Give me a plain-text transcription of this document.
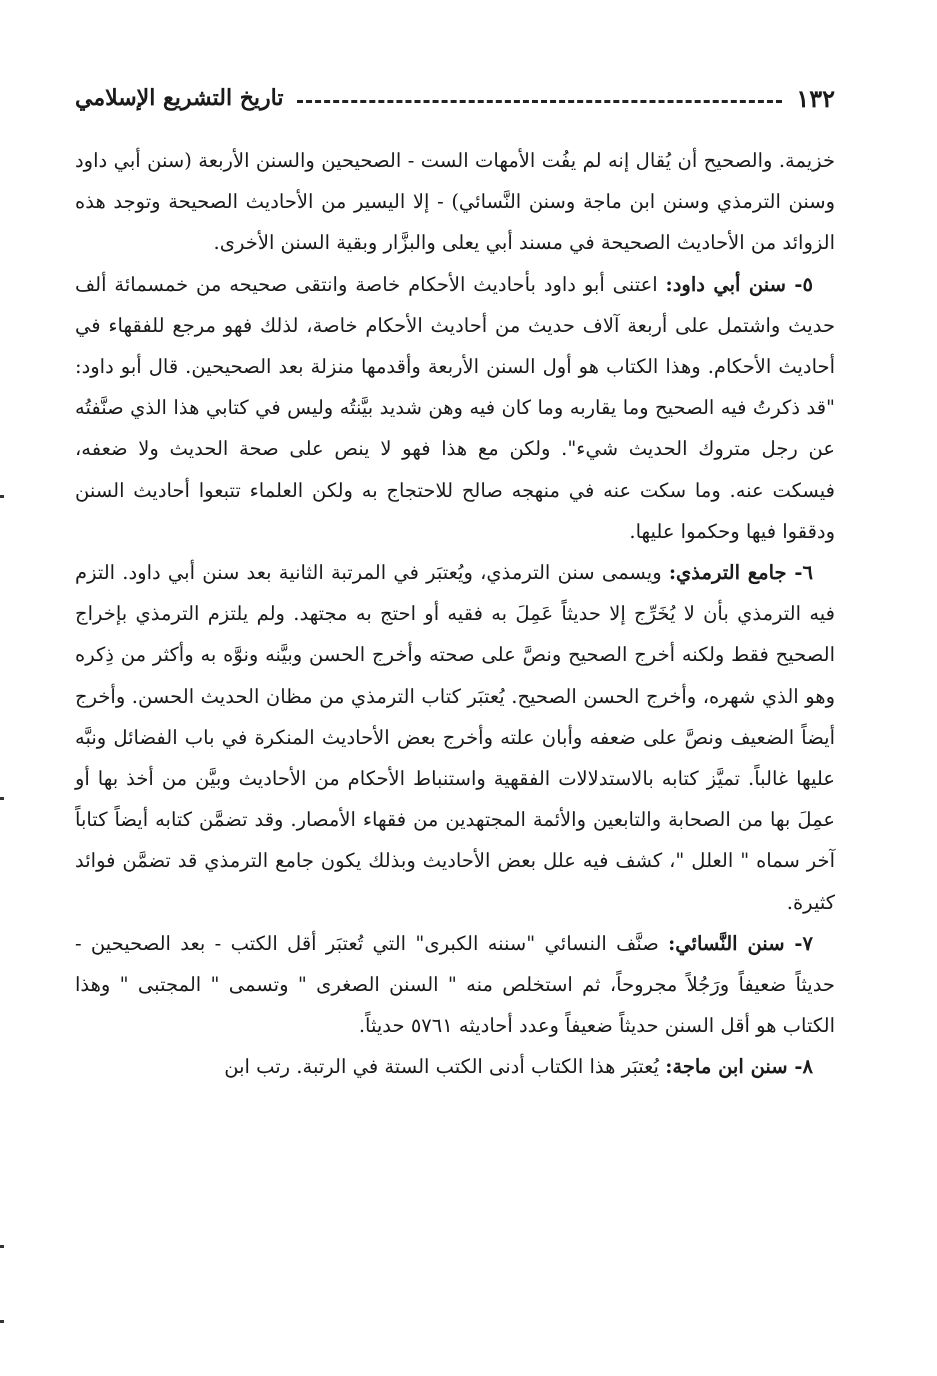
١٣٢
تاريخ التشريع الإسلامي

خزيمة. والصحيح أن يُقال إنه لم يفُت الأمهات الست - الصحيحين والسنن الأربعة (سنن أبي داود وسنن الترمذي وسنن ابن ماجة وسنن النَّسائي) - إلا اليسير من الأحاديث الصحيحة وتوجد هذه الزوائد من الأحاديث الصحيحة في مسند أبي يعلى والبزَّار وبقية السنن الأخرى.

٥- سنن أبي داود: اعتنى أبو داود بأحاديث الأحكام خاصة وانتقى صحيحه من خمسمائة ألف حديث واشتمل على أربعة آلاف حديث من أحاديث الأحكام خاصة، لذلك فهو مرجع للفقهاء في أحاديث الأحكام. وهذا الكتاب هو أول السنن الأربعة وأقدمها منزلة بعد الصحيحين. قال أبو داود: "قد ذكرتُ فيه الصحيح وما يقاربه وما كان فيه وهن شديد بيَّنتُه وليس في كتابي هذا الذي صنَّفتُه عن رجل متروك الحديث شيء". ولكن مع هذا فهو لا ينص على صحة الحديث ولا ضعفه، فيسكت عنه. وما سكت عنه في منهجه صالح للاحتجاج به ولكن العلماء تتبعوا أحاديث السنن ودققوا فيها وحكموا عليها.

٦- جامع الترمذي: ويسمى سنن الترمذي، ويُعتبَر في المرتبة الثانية بعد سنن أبي داود. التزم فيه الترمذي بأن لا يُخَرِّج إلا حديثاً عَمِلَ به فقيه أو احتج به مجتهد. ولم يلتزم الترمذي بإخراج الصحيح فقط ولكنه أخرج الصحيح ونصَّ على صحته وأخرج الحسن وبيَّنه ونوَّه به وأكثر من ذِكره وهو الذي شهره، وأخرج الحسن الصحيح. يُعتبَر كتاب الترمذي من مظان الحديث الحسن. وأخرج أيضاً الضعيف ونصَّ على ضعفه وأبان علته وأخرج بعض الأحاديث المنكرة في باب الفضائل ونبَّه عليها غالباً. تميَّز كتابه بالاستدلالات الفقهية واستنباط الأحكام من الأحاديث وبيَّن من أخذ بها أو عمِلَ بها من الصحابة والتابعين والأئمة المجتهدين من فقهاء الأمصار. وقد تضمَّن كتابه أيضاً كتاباً آخر سماه " العلل "، كشف فيه علل بعض الأحاديث وبذلك يكون جامع الترمذي قد تضمَّن فوائد كثيرة.

٧- سنن النَّسائي: صنَّف النسائي "سننه الكبرى" التي تُعتبَر أقل الكتب - بعد الصحيحين - حديثاً ضعيفاً ورَجُلاً مجروحاً، ثم استخلص منه " السنن الصغرى " وتسمى " المجتبى " وهذا الكتاب هو أقل السنن حديثاً ضعيفاً وعدد أحاديثه ٥٧٦١ حديثاً.

٨- سنن ابن ماجة: يُعتبَر هذا الكتاب أدنى الكتب الستة في الرتبة. رتب ابن
